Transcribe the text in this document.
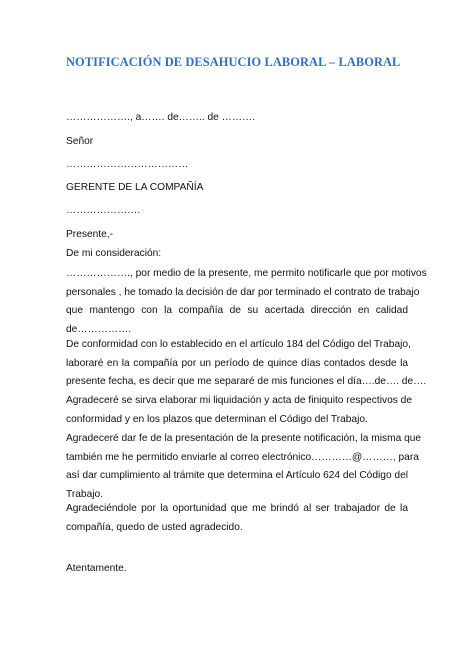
NOTIFICACIÓN DE DESAHUCIO LABORAL – LABORAL
………………., a……. de…….. de ……….
Señor
………………………………
GERENTE DE LA COMPAÑÍA
………………….
Presente,-
De mi consideración:
………………., por medio de la presente, me permito notificarle que por motivos
personales , he tomado la decisión de dar por terminado el contrato de trabajo
que mantengo con la compañía de su acertada dirección en calidad
de…………….
De conformidad con lo establecido en el artículo 184 del Código del Trabajo,
laboraré en la compañía por un período de quince días contados desde la
presente fecha, es decir que me separaré de mis funciones el día….de…. de….
Agradeceré se sirva elaborar mi liquidación y acta de finiquito respectivos de
conformidad y en los plazos que determinan el Código del Trabajo.
Agradeceré dar fe de la presentación de la presente notificación, la misma que
también me he permitido enviarle al correo electrónico…………@………, para
así dar cumplimiento al trámite que determina el Artículo 624 del Código del
Trabajo.
Agradeciéndole por la oportunidad que me brindó al ser trabajador de la
compañía, quedo de usted agradecido.
Atentamente.
